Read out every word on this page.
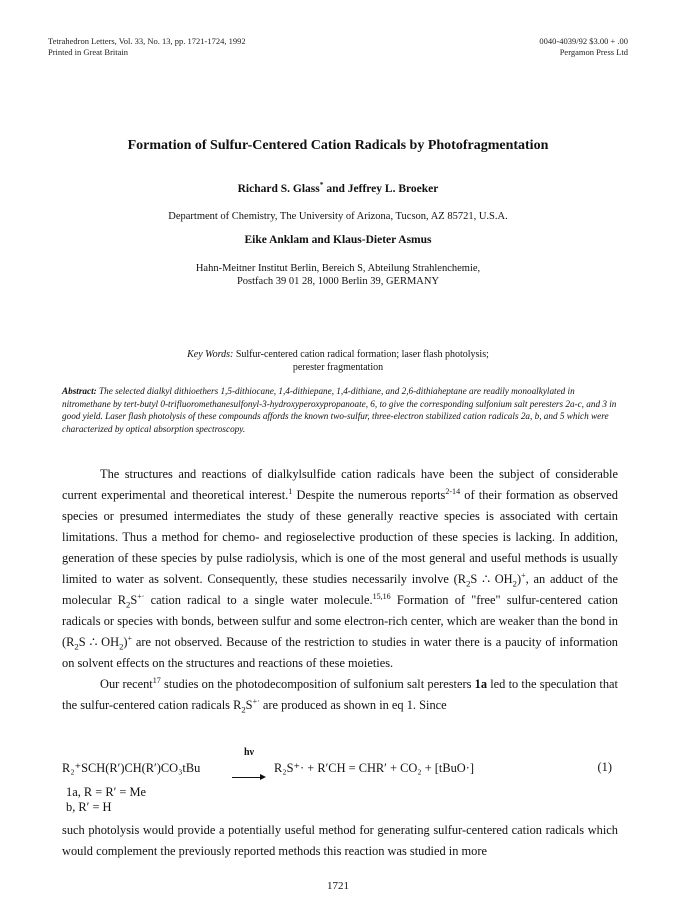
Tetrahedron Letters, Vol. 33, No. 13, pp. 1721-1724, 1992
Printed in Great Britain
0040-4039/92 $3.00 + .00
Pergamon Press Ltd
Formation of Sulfur-Centered Cation Radicals by Photofragmentation
Richard S. Glass* and Jeffrey L. Broeker
Department of Chemistry, The University of Arizona, Tucson, AZ 85721, U.S.A.
Eike Anklam and Klaus-Dieter Asmus
Hahn-Meitner Institut Berlin, Bereich S, Abteilung Strahlenchemie,
Postfach 39 01 28, 1000 Berlin 39, GERMANY
Key Words: Sulfur-centered cation radical formation; laser flash photolysis;
perester fragmentation
Abstract: The selected dialkyl dithioethers 1,5-dithiocane, 1,4-dithiepane, 1,4-dithiane, and 2,6-dithiaheptane are readily monoalkylated in nitromethane by tert-butyl 0-trifluoromethanesulfonyl-3-hydroxyperoxypropanoate, 6, to give the corresponding sulfonium salt peresters 2a-c, and 3 in good yield. Laser flash photolysis of these compounds affords the known two-sulfur, three-electron stabilized cation radicals 2a, b, and 5 which were characterized by optical absorption spectroscopy.

The structures and reactions of dialkylsulfide cation radicals have been the subject of considerable current experimental and theoretical interest.$^1$ Despite the numerous reports$^{2-14}$ of their formation as observed species or presumed intermediates the study of these generally reactive species is associated with certain limitations. Thus a method for chemo- and regioselective production of these species is lacking. In addition, generation of these species by pulse radiolysis, which is one of the most general and useful methods is usually limited to water as solvent. Consequently, these studies necessarily involve ($R_2S$ ∴ $OH_2)^+$, an adduct of the molecular $R_2S^{+\cdot}$ cation radical to a single water molecule.$^{15,16}$ Formation of "free" sulfur-centered cation radicals or species with bonds, between sulfur and some electron-rich center, which are weaker than the bond in ($R_2S$ ∴ $OH_2)^+$ are not observed. Because of the restriction to studies in water there is a paucity of information on solvent effects on the structures and reactions of these moieties.

Our recent$^{17}$ studies on the photodecomposition of sulfonium salt peresters 1a led to the speculation that the sulfur-centered cation radicals $R_2S^{+\cdot}$ are produced as shown in eq 1. Since

R₂⁺SCH(R′)CH(R′)CO₃tBu
hν
R₂S⁺· + R′CH = CHR′ + CO₂ + [tBuO·]	(1)
1a, R = R′ = Me
b, R′ = H
such photolysis would provide a potentially useful method for generating sulfur-centered cation radicals which would complement the previously reported methods this reaction was studied in more
1721
